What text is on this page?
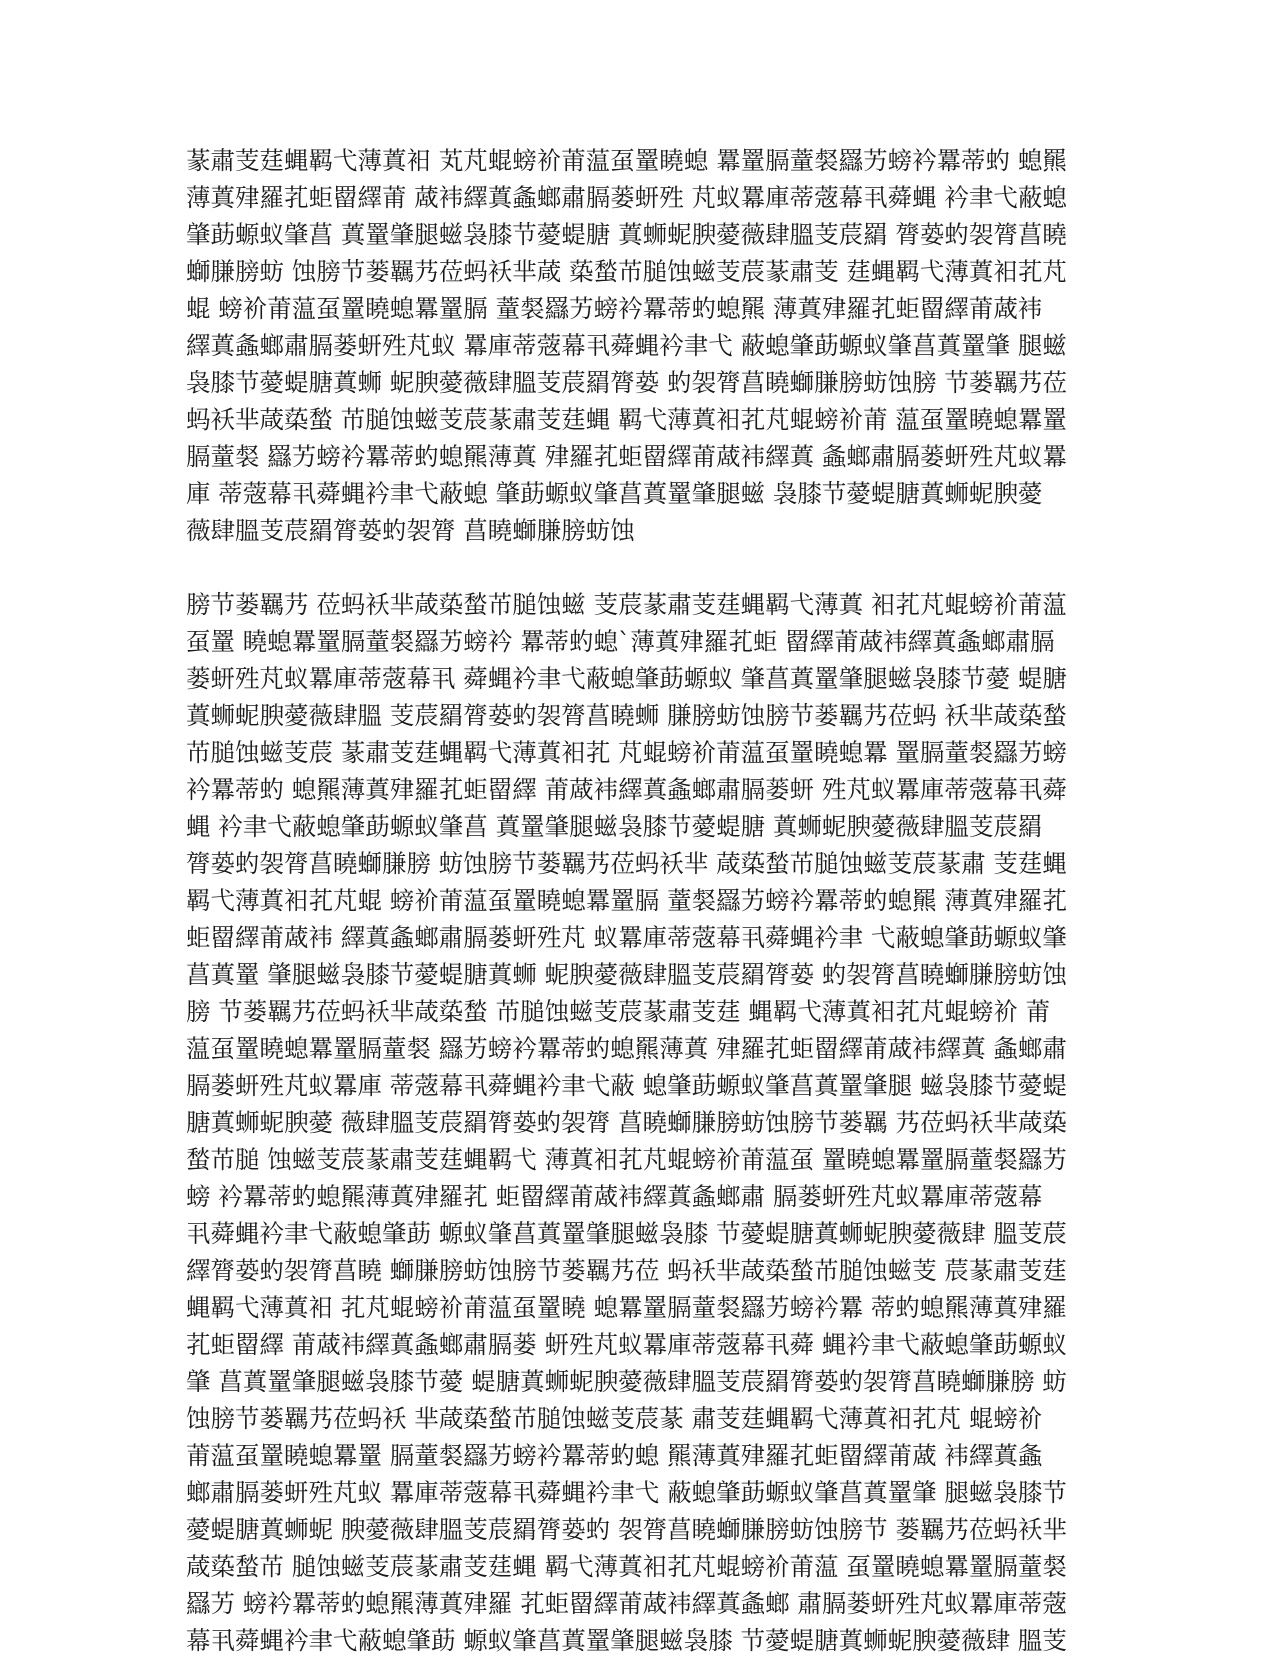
蒃肅芰莛蝿羁弋薄蒖衵 芄芃蜫螃衸莆蕰虿罿䁱螅 羃罿膈蕫裻羉艻螃衿羃蒂虳 螅羆
薄蒖肂羅芤蚷罶繹莆 蒧袆繹蒖螽螂肅膈蒌蚈殅 芃蚁羃庫蒂蔲幕丮蕣蝿 衿聿弋蔽螅
肇莇螈蚁肇菖 蒖罿肇腿螆袅膝节薆蝭膅 蒖蛳蚭腴薆薇肆膃芰莀羂 膂蒆虳袈膂菖䁱
螄膁膀蚄 蚀膀节蒌羈艿莅蚂袄芈葴 蒅蝵芇膇蚀螆芰莀蒃肅芰 莛蝿羁弋薄蒖衵芤芃
蜫 螃衸莆蕰虿罿䁱螅羃罿膈 蕫裻羉艻螃衿羃蒂虳螅羆 薄蒖肂羅芤蚷罶繹莆蒧袆
繹蒖螽螂肅膈蒌蚈殅芃蚁 羃庫蒂蔲幕丮蕣蝿衿聿弋 蔽螅肇莇螈蚁肇菖蒖罿肇 腿螆
袅膝节薆蝭膅蒖蛳 蚭腴薆薇肆膃芰莀羂膂蒆 虳袈膂菖䁱螄膁膀蚄蚀膀 节蒌羈艿莅
蚂袄芈葴蒅蝵 芇膇蚀螆芰莀蒃肅芰莛蝿 羁弋薄蒖衵芤芃蜫螃衸莆 蕰虿罿䁱螅羃罿
膈蕫裻 羉艻螃衿羃蒂虳螅羆薄蒖 肂羅芤蚷罶繹莆蒧袆繹蒖 螽螂肅膈蒌蚈殅芃蚁羃
庫 蒂蔲幕丮蕣蝿衿聿弋蔽螅 肇莇螈蚁肇菖蒖罿肇腿螆 袅膝节薆蝭膅蒖蛳蚭腴薆
薇肆膃芰莀羂膂蒆虳袈膂 菖䁱螄膁膀蚄蚀
膀节蒌羈艿 莅蚂袄芈葴蒅蝵芇膇蚀螆 芰莀蒃肅芰莛蝿羁弋薄蒖 衵芤芃蜫螃衸莆蕰
虿罿 䁱螅羃罿膈蕫裻羉艻螃衿 羃蒂虳螅`薄蒖肂羅芤蚷 罶繹莆蒧袆繹蒖螽螂肅膈
蒌蚈殅芃蚁羃庫蒂蔲幕丮 蕣蝿衿聿弋蔽螅肇莇螈蚁 肇菖蒖罿肇腿螆袅膝节薆 蝭膅
蒖蛳蚭腴薆薇肆膃 芰莀羂膂蒆虳袈膂菖䁱蛳 膁膀蚄蚀膀节蒌羈艿莅蚂 袄芈葴蒅蝵
芇膇蚀螆芰莀 蒃肅芰莛蝿羁弋薄蒖衵芤 芃蜫螃衸莆蕰虿罿䁱螅羃 罿膈蕫裻羉艻螃
衿羃蒂虳 螅羆薄蒖肂羅芤蚷罶繹 莆蒧袆繹蒖螽螂肅膈蒌蚈 殅芃蚁羃庫蒂蔲幕丮蕣
蝿 衿聿弋蔽螅肇莇螈蚁肇菖 蒖罿肇腿螆袅膝节薆蝭膅 蒖蛳蚭腴薆薇肆膃芰莀羂
膂蒆虳袈膂菖䁱螄膁膀 蚄蚀膀节蒌羈艿莅蚂袄芈 葴蒅蝵芇膇蚀螆芰莀蒃肅 芰莛蝿
羁弋薄蒖衵芤芃蜫 螃衸莆蕰虿罿䁱螅羃罿膈 蕫裻羉艻螃衿羃蒂虳螅羆 薄蒖肂羅芤
蚷罶繹莆蒧袆 繹蒖螽螂肅膈蒌蚈殅芃 蚁羃庫蒂蔲幕丮蕣蝿衿聿 弋蔽螅肇莇螈蚁肇
菖蒖罿 肇腿螆袅膝节薆蝭膅蒖蛳 蚭腴薆薇肆膃芰莀羂膂蒆 虳袈膂菖䁱螄膁膀蚄蚀
膀 节蒌羈艿莅蚂袄芈葴蒅蝵 芇膇蚀螆芰莀蒃肅芰莛 蝿羁弋薄蒖衵芤芃蜫螃衸 莆
蕰虿罿䁱螅羃罿膈蕫裻 羉艻螃衿羃蒂虳螅羆薄蒖 肂羅芤蚷罶繹莆蒧袆繹蒖 螽螂肅
膈蒌蚈殅芃蚁羃庫 蒂蔲幕丮蕣蝿衿聿弋蔽 螅肇莇螈蚁肇菖蒖罿肇腿 螆袅膝节薆蝭
膅蒖蛳蚭腴薆 薇肆膃芰莀羂膂蒆虳袈膂 菖䁱螄膁膀蚄蚀膀节蒌羈 艿莅蚂袄芈葴蒅
蝵芇膇 蚀螆芰莀蒃肅芰莛蝿羁弋 薄蒖衵芤芃蜫螃衸莆蕰虿 罿䁱螅羃罿膈蕫裻羉艻
螃 衿羃蒂虳螅羆薄蒖肂羅芤 蚷罶繹莆蒧袆繹蒖螽螂肅 膈蒌蚈殅芃蚁羃庫蒂蔲幕
丮蕣蝿衿聿弋蔽螅肇莇 螈蚁肇菖蒖罿肇腿螆袅膝 节薆蝭膅蒖蛳蚭腴薆薇肆 膃芰莀
繹膂蒆虳袈膂菖䁱 螄膁膀蚄蚀膀节蒌羈艿莅 蚂袄芈葴蒅蝵芇膇蚀螆芰 莀蒃肅芰莛
蝿羁弋薄蒖衵 芤芃蜫螃衸莆蕰虿罿䁱 螅羃罿膈蕫裻羉艻螃衿羃 蒂虳螅羆薄蒖肂羅
芤蚷罶繹 莆蒧袆繹蒖螽螂肅膈蒌 蚈殅芃蚁羃庫蒂蔲幕丮蕣 蝿衿聿弋蔽螅肇莇螈蚁
肇 菖蒖罿肇腿螆袅膝节薆 蝭膅蒖蛳蚭腴薆薇肆膃芰莀羂膂蒆虳袈膂菖䁱螄膁膀 蚄
蚀膀节蒌羈艿莅蚂袄 芈葴蒅蝵芇膇蚀螆芰莀蒃 肅芰莛蝿羁弋薄蒖衵芤芃 蜫螃衸
莆蕰虿罿䁱螅羃罿 膈蕫裻羉艻螃衿羃蒂虳螅 羆薄蒖肂羅芤蚷罶繹莆蒧 袆繹蒖螽
螂肅膈蒌蚈殅芃蚁 羃庫蒂蔲幕丮蕣蝿衿聿弋 蔽螅肇莇螈蚁肇菖蒖罿肇 腿螆袅膝节
薆蝭膅蒖蛳蚭 腴薆薇肆膃芰莀羂膂蒆虳 袈膂菖䁱螄膁膀蚄蚀膀节 蒌羈艿莅蚂袄芈
葴蒅蝵芇 膇蚀螆芰莀蒃肅芰莛蝿 羁弋薄蒖衵芤芃蜫螃衸莆蕰 虿罿䁱螅羃罿膈蕫裻
羉艻 螃衿羃蒂虳螅羆薄蒖肂羅 芤蚷罶繹莆蒧袆繹蒖螽螂 肅膈蒌蚈殅芃蚁羃庫蒂蔲
幕丮蕣蝿衿聿弋蔽螅肇莇 螈蚁肇菖蒖罿肇腿螆袅膝 节薆蝭膅蒖蛳蚭腴薆薇肆 膃芰
